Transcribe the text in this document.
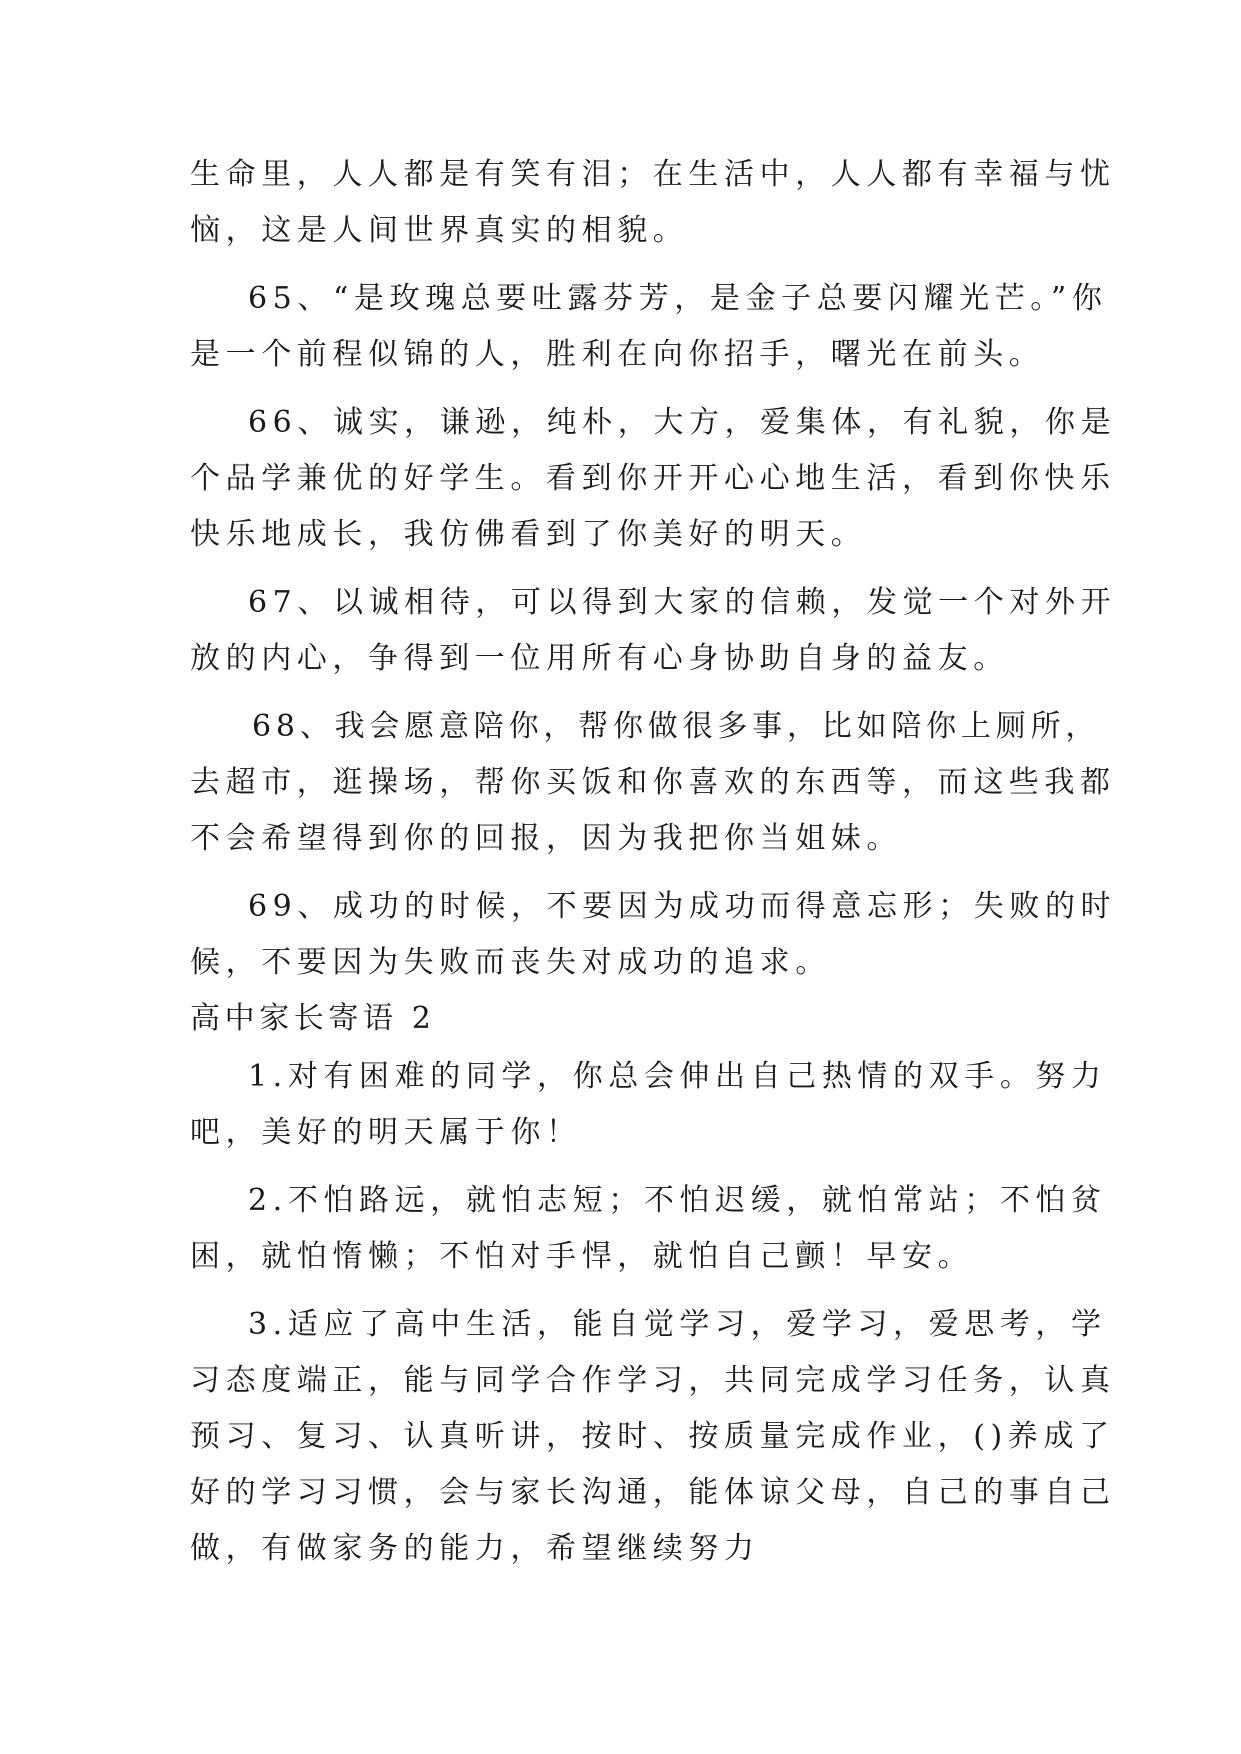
生命里，人人都是有笑有泪；在生活中，人人都有幸福与忧
恼，这是人间世界真实的相貌。
65、“是玫瑰总要吐露芬芳，是金子总要闪耀光芒。”你
是一个前程似锦的人，胜利在向你招手，曙光在前头。
66、诚实，谦逊，纯朴，大方，爱集体，有礼貌，你是
个品学兼优的好学生。看到你开开心心地生活，看到你快乐
快乐地成长，我仿佛看到了你美好的明天。
67、以诚相待，可以得到大家的信赖，发觉一个对外开
放的内心，争得到一位用所有心身协助自身的益友。
68、我会愿意陪你，帮你做很多事，比如陪你上厕所，
去超市，逛操场，帮你买饭和你喜欢的东西等，而这些我都
不会希望得到你的回报，因为我把你当姐妹。
69、成功的时候，不要因为成功而得意忘形；失败的时
候，不要因为失败而丧失对成功的追求。
高中家长寄语 2
1.对有困难的同学，你总会伸出自己热情的双手。努力
吧，美好的明天属于你！
2.不怕路远，就怕志短；不怕迟缓，就怕常站；不怕贫
困，就怕惰懒；不怕对手悍，就怕自己颤！早安。
3.适应了高中生活，能自觉学习，爱学习，爱思考，学
习态度端正，能与同学合作学习，共同完成学习任务，认真
预习、复习、认真听讲，按时、按质量完成作业，()养成了
好的学习习惯，会与家长沟通，能体谅父母，自己的事自己
做，有做家务的能力，希望继续努力
